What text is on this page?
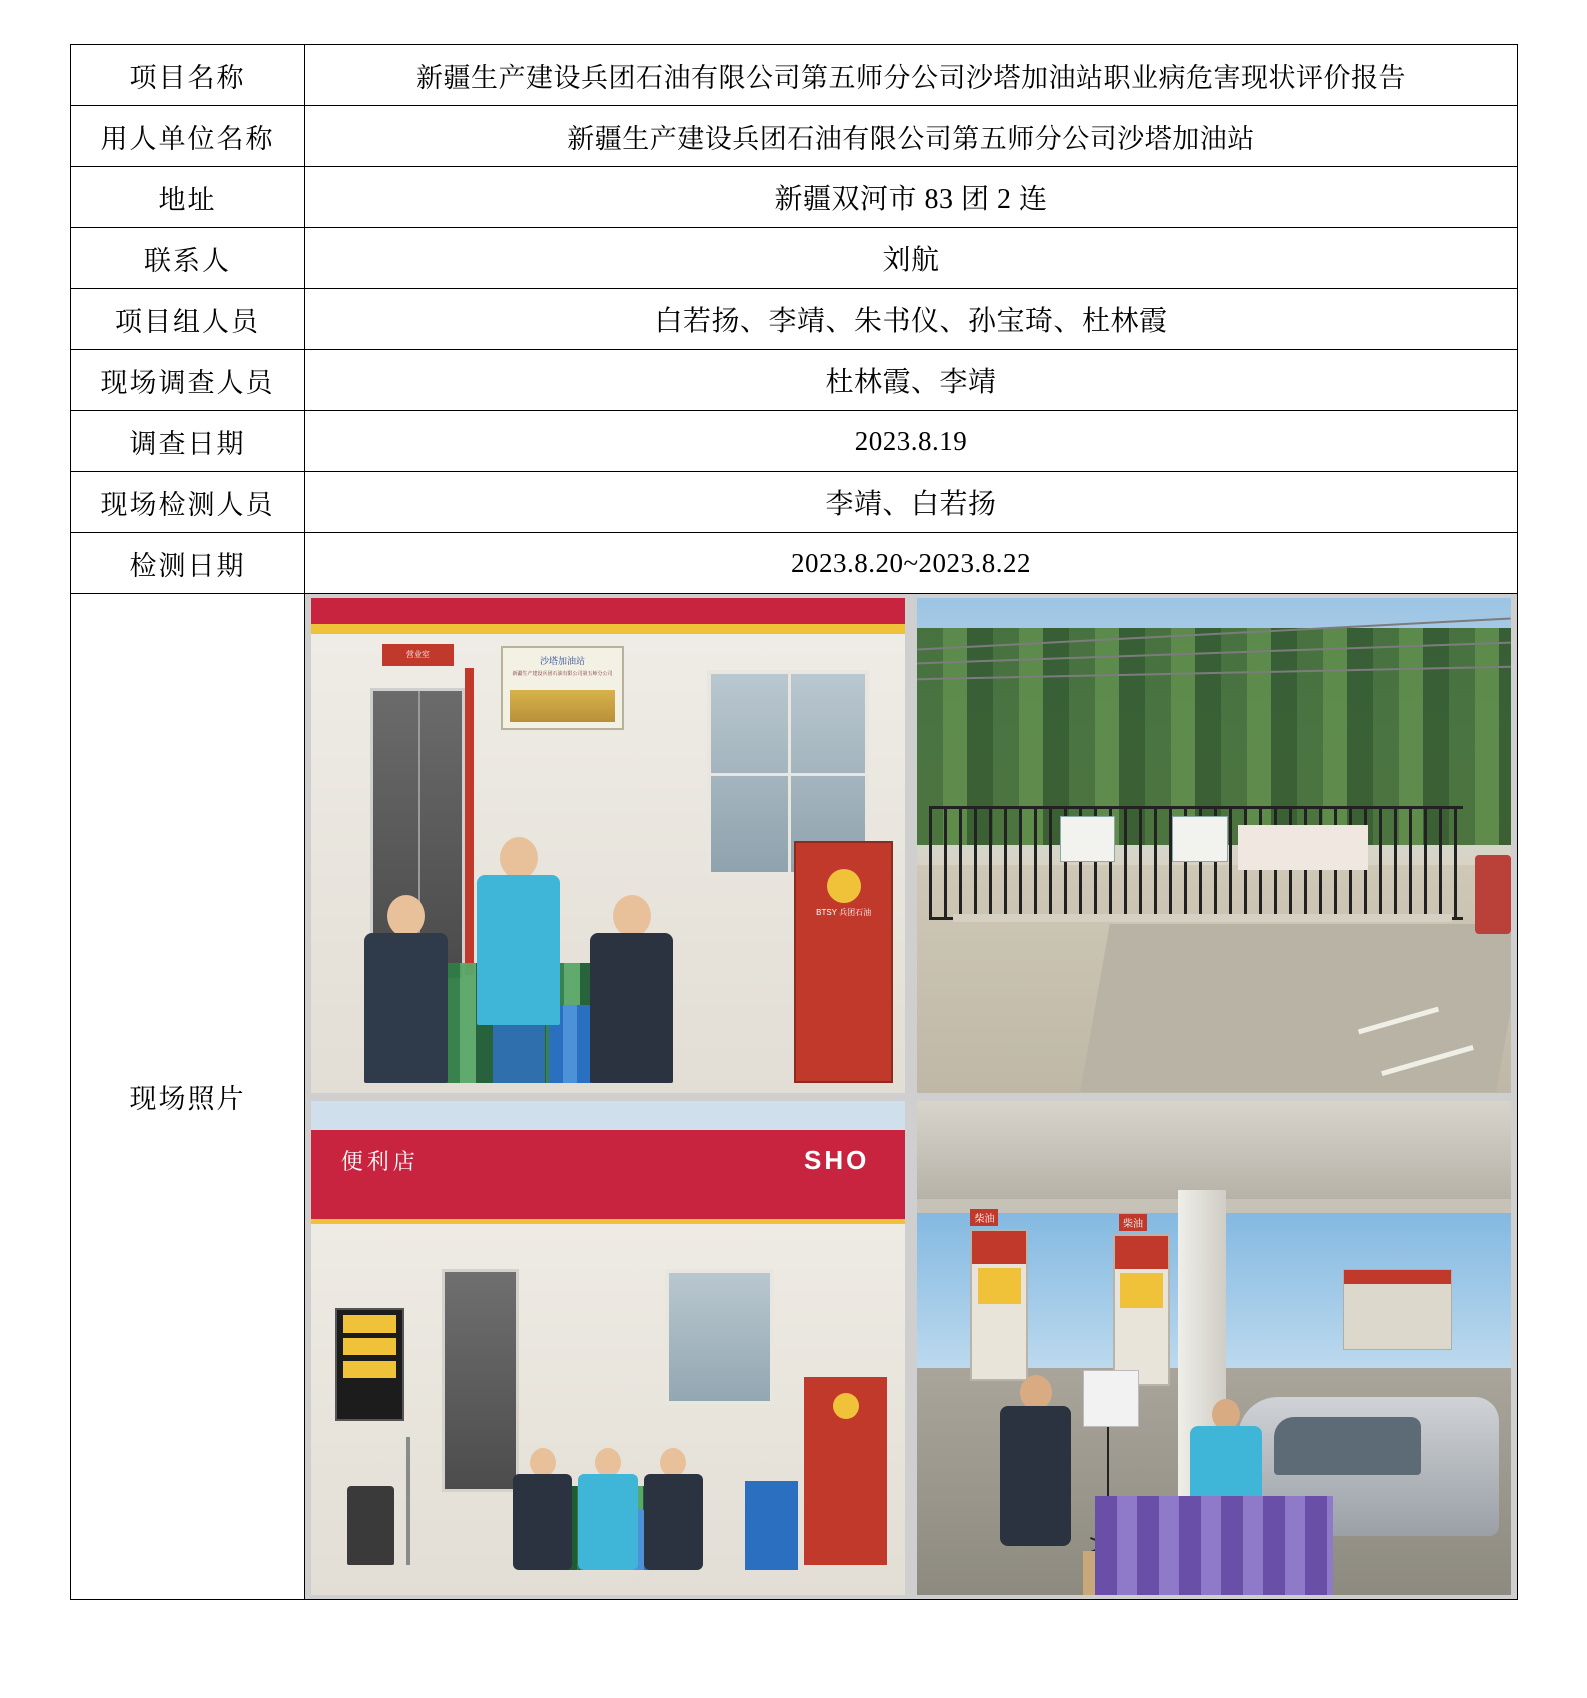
项目名称	新疆生产建设兵团石油有限公司第五师分公司沙塔加油站职业病危害现状评价报告
用人单位名称	新疆生产建设兵团石油有限公司第五师分公司沙塔加油站
地址	新疆双河市 83 团 2 连
联系人	刘航
项目组人员	白若扬、李靖、朱书仪、孙宝琦、杜林霞
现场调查人员	杜林霞、李靖
调查日期	2023.8.19
现场检测人员	李靖、白若扬
检测日期	2023.8.20~2023.8.22
现场照片	
营业室
沙塔加油站
新疆生产建设兵团石油有限公司第五师分公司
BTSY 兵团石油
便利店	SHO
柴油	柴油
